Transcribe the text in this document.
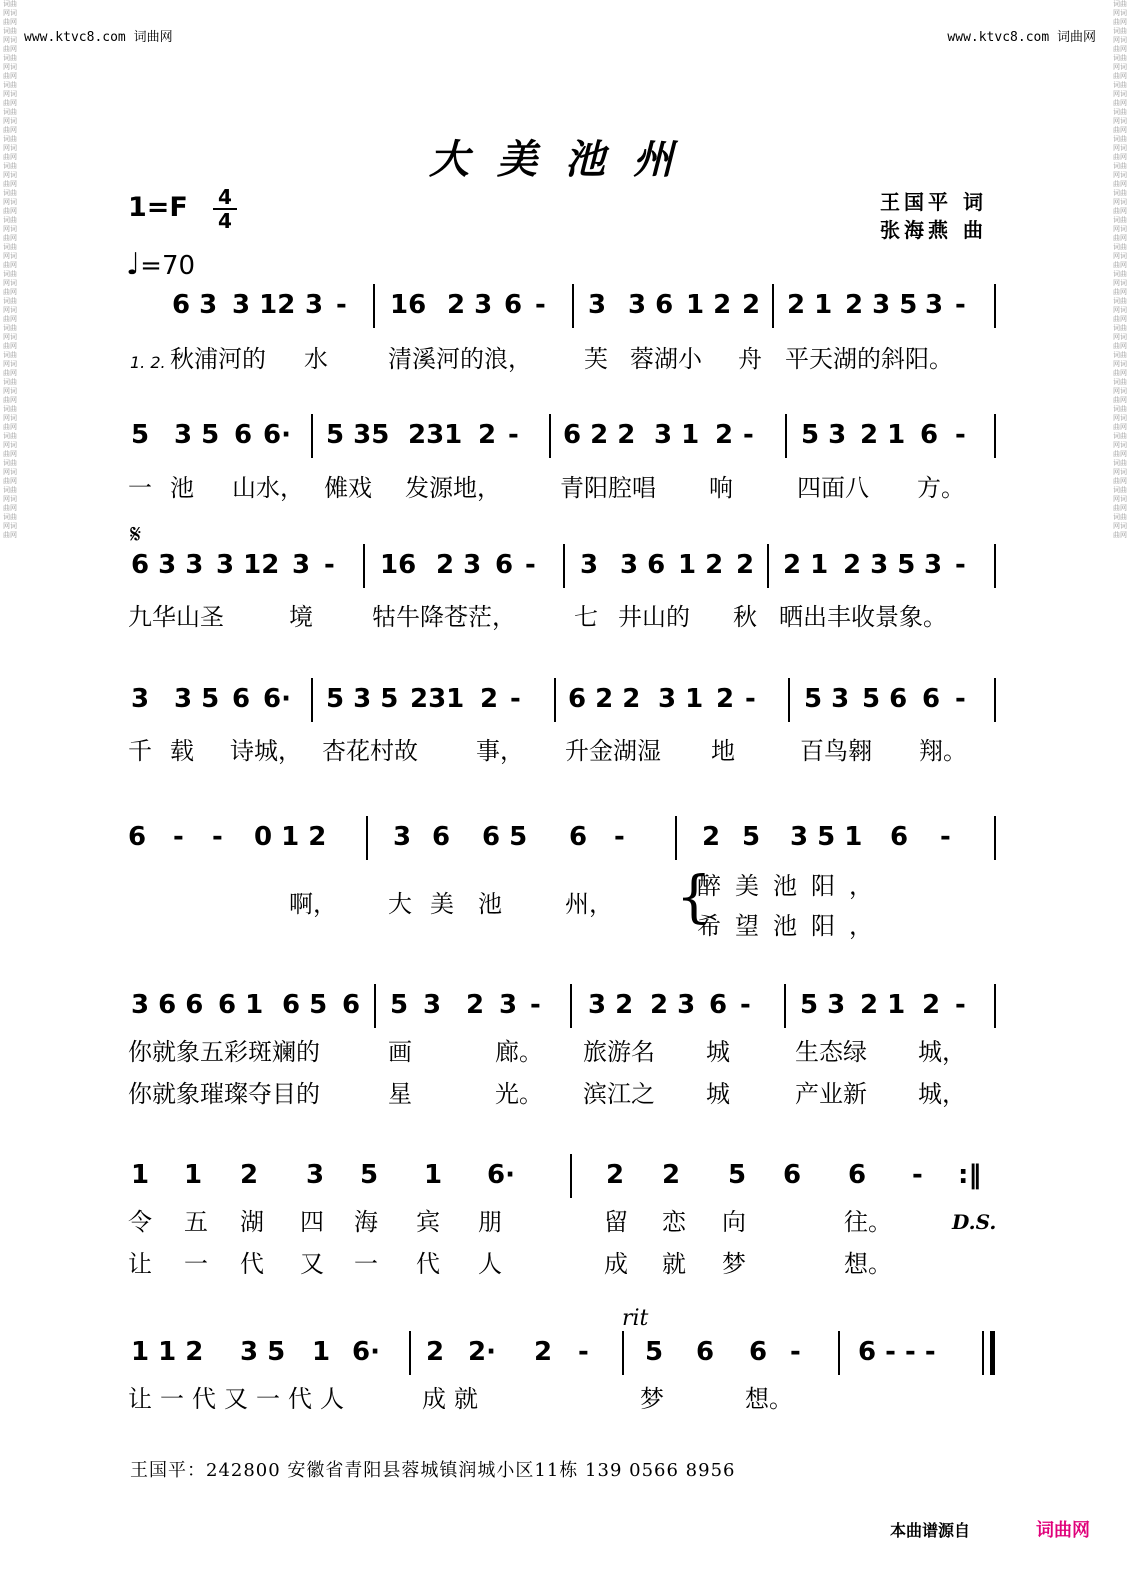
词曲网词曲网词曲网词曲网词曲网词曲网词曲网词曲网词曲网词曲网词曲网词曲网词曲网词曲网词曲网词曲网词曲网词曲网词曲网词曲网词曲网词曲网词曲网词曲网词曲网词曲网词曲网词曲网词曲网词曲网词曲网词曲网词曲网词曲网词曲网词曲网词曲网词曲网词曲网词曲网
词曲网词曲网词曲网词曲网词曲网词曲网词曲网词曲网词曲网词曲网词曲网词曲网词曲网词曲网词曲网词曲网词曲网词曲网词曲网词曲网词曲网词曲网词曲网词曲网词曲网词曲网词曲网词曲网词曲网词曲网词曲网词曲网词曲网词曲网词曲网词曲网词曲网词曲网词曲网词曲网
www.ktvc8.com 词曲网	www.ktvc8.com 词曲网
大美池州
1=F 4
4
♩=70
王国平 词
张海燕 曲
6 3 3 12 3 - 16 2 3 6 - 3 3 6 1 2 2 2 1 2 3 5 3 -
1. 2. 秋浦河的 水	清溪河的浪， 芙 蓉湖小 舟 平天湖的斜阳。
5 3 5 6 6· 5 35 231 2 - 6 2 2 3 1 2 - 5 3 2 1 6 -
一 池 山水， 傩戏 发源地， 青阳腔唱 响	四面八 方。
𝄋
6 3 3 3 12 3 - 16 2 3 6 - 3 3 6 1 2 2 2 1 2 3 5 3 -
九华山圣	境 牯牛降苍茫， 七 井山的 秋 晒出丰收景象。
3 3 5 6 6· 5 3 5 231 2 - 6 2 2 3 1 2 - 5 3 5 6 6 -
千 载 诗城， 杏花村故 事， 升金湖湿 地	百鸟翱 翔。
6 - - 0 1 2	3 6 6 5 6 -	2 5 3 5 1 6 -
啊， 大 美 池	州， {
醉美池阳，
希望池阳，
3 6 6 6 1 6 5 6 5 3 2 3 - 3 2 2 3 6 - 5 3 2 1 2 -
你就象五彩斑斓的	画	廊。 旅游名 城	生态绿 城，
你就象璀璨夺目的	星	光。 滨江之 城	产业新 城，
1 1 2 3 5 1 6·	2 2 5 6 6 - :‖
令 五 湖 四 海 宾 朋	留 恋 向	往。	D.S.
让 一 代 又 一 代 人	成 就 梦	想。
rit
1 1 2 3 5 1 6· 2 2· 2 - 5 6 6 - 6 - - -
让一代又一代人	成就	梦	想。
王国平：242800 安徽省青阳县蓉城镇润城小区11栋 139 0566 8956
本曲谱源自	词曲网
